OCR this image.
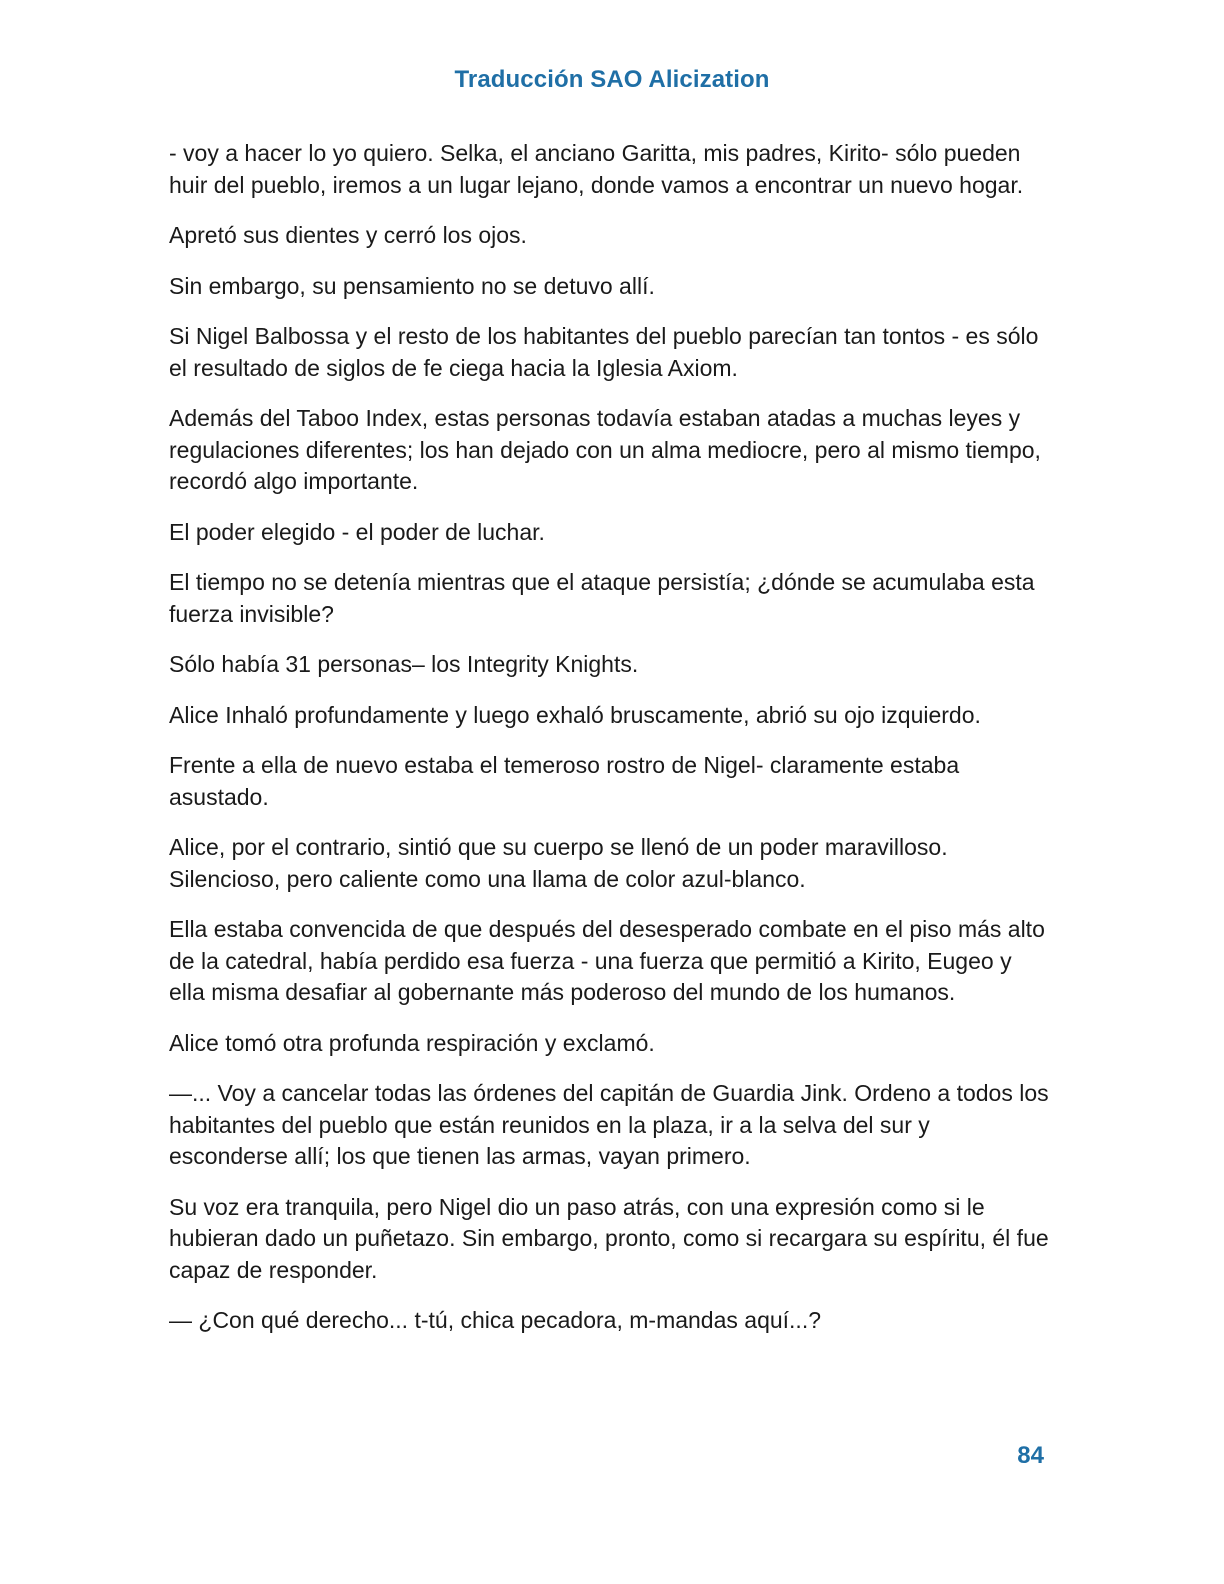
Traducción SAO Alicization

- voy a hacer lo yo quiero. Selka, el anciano Garitta, mis padres, Kirito- sólo pueden huir del pueblo, iremos a un lugar lejano, donde vamos a encontrar un nuevo hogar.

Apretó sus dientes y cerró los ojos.

Sin embargo, su pensamiento no se detuvo allí.

Si Nigel Balbossa y el resto de los habitantes del pueblo parecían tan tontos - es sólo el resultado de siglos de fe ciega hacia la Iglesia Axiom.

Además del Taboo Index, estas personas todavía estaban atadas a muchas leyes y regulaciones diferentes; los han dejado con un alma mediocre, pero al mismo tiempo, recordó algo importante.

El poder elegido - el poder de luchar.

El tiempo no se detenía mientras que el ataque persistía; ¿dónde se acumulaba esta fuerza invisible?

Sólo había 31 personas– los Integrity Knights.

Alice Inhaló profundamente y luego exhaló bruscamente, abrió su ojo izquierdo.

Frente a ella de nuevo estaba el temeroso rostro de Nigel- claramente estaba asustado.

Alice, por el contrario, sintió que su cuerpo se llenó de un poder maravilloso. Silencioso, pero caliente como una llama de color azul-blanco.

Ella estaba convencida de que después del desesperado combate en el piso más alto de la catedral, había perdido esa fuerza - una fuerza que permitió a Kirito, Eugeo y ella misma desafiar al gobernante más poderoso del mundo de los humanos.

Alice tomó otra profunda respiración y exclamó.

—... Voy a cancelar todas las órdenes del capitán de Guardia Jink. Ordeno a todos los habitantes del pueblo que están reunidos en la plaza, ir a la selva del sur y esconderse allí; los que tienen las armas, vayan primero.

Su voz era tranquila, pero Nigel dio un paso atrás, con una expresión como si le hubieran dado un puñetazo. Sin embargo, pronto, como si recargara su espíritu, él fue capaz de responder.

— ¿Con qué derecho... t-tú, chica pecadora, m-mandas aquí...?

84
